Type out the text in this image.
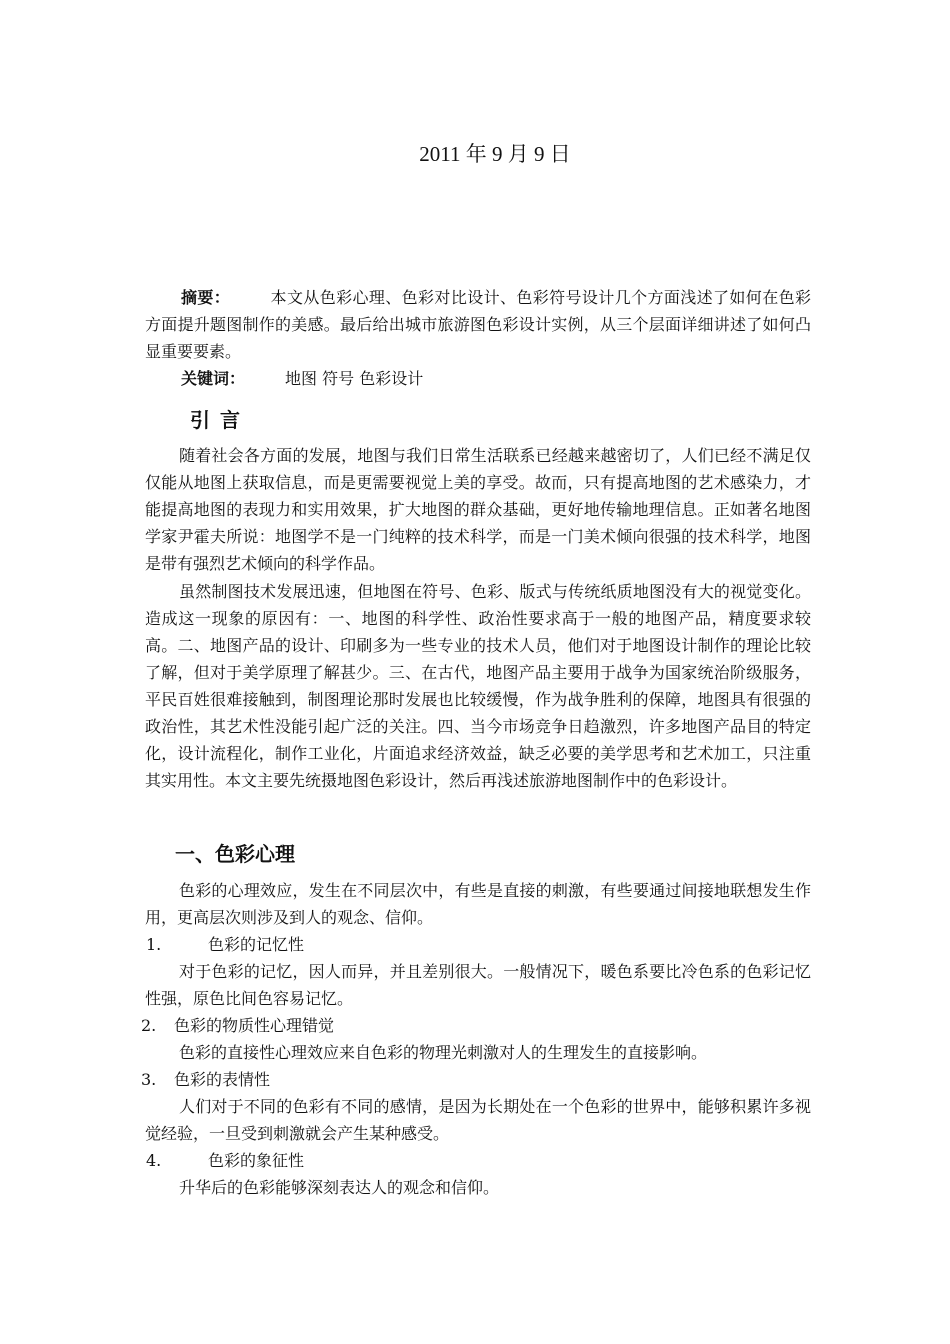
2011 年 9 月 9 日

摘要：	本文从色彩心理、色彩对比设计、色彩符号设计几个方面浅述了如何在色彩方面提升题图制作的美感。最后给出城市旅游图色彩设计实例，从三个层面详细讲述了如何凸显重要要素。

关键词：	地图 符号 色彩设计
引言

随着社会各方面的发展，地图与我们日常生活联系已经越来越密切了，人们已经不满足仅仅能从地图上获取信息，而是更需要视觉上美的享受。故而，只有提高地图的艺术感染力，才能提高地图的表现力和实用效果，扩大地图的群众基础，更好地传输地理信息。正如著名地图学家尹霍夫所说：地图学不是一门纯粹的技术科学，而是一门美术倾向很强的技术科学，地图是带有强烈艺术倾向的科学作品。

虽然制图技术发展迅速，但地图在符号、色彩、版式与传统纸质地图没有大的视觉变化。造成这一现象的原因有：一、地图的科学性、政治性要求高于一般的地图产品，精度要求较高。二、地图产品的设计、印刷多为一些专业的技术人员，他们对于地图设计制作的理论比较了解，但对于美学原理了解甚少。三、在古代，地图产品主要用于战争为国家统治阶级服务，平民百姓很难接触到，制图理论那时发展也比较缓慢，作为战争胜利的保障，地图具有很强的政治性，其艺术性没能引起广泛的关注。四、当今市场竞争日趋激烈，许多地图产品目的特定化，设计流程化，制作工业化，片面追求经济效益，缺乏必要的美学思考和艺术加工，只注重其实用性。本文主要先统摄地图色彩设计，然后再浅述旅游地图制作中的色彩设计。

一、色彩心理

色彩的心理效应，发生在不同层次中，有些是直接的刺激，有些要通过间接地联想发生作用，更高层次则涉及到人的观念、信仰。

1.	色彩的记忆性

对于色彩的记忆，因人而异，并且差别很大。一般情况下，暖色系要比冷色系的色彩记忆性强，原色比间色容易记忆。

2. 色彩的物质性心理错觉

色彩的直接性心理效应来自色彩的物理光刺激对人的生理发生的直接影响。

3. 色彩的表情性

人们对于不同的色彩有不同的感情，是因为长期处在一个色彩的世界中，能够积累许多视觉经验，一旦受到刺激就会产生某种感受。

4.	色彩的象征性

升华后的色彩能够深刻表达人的观念和信仰。
